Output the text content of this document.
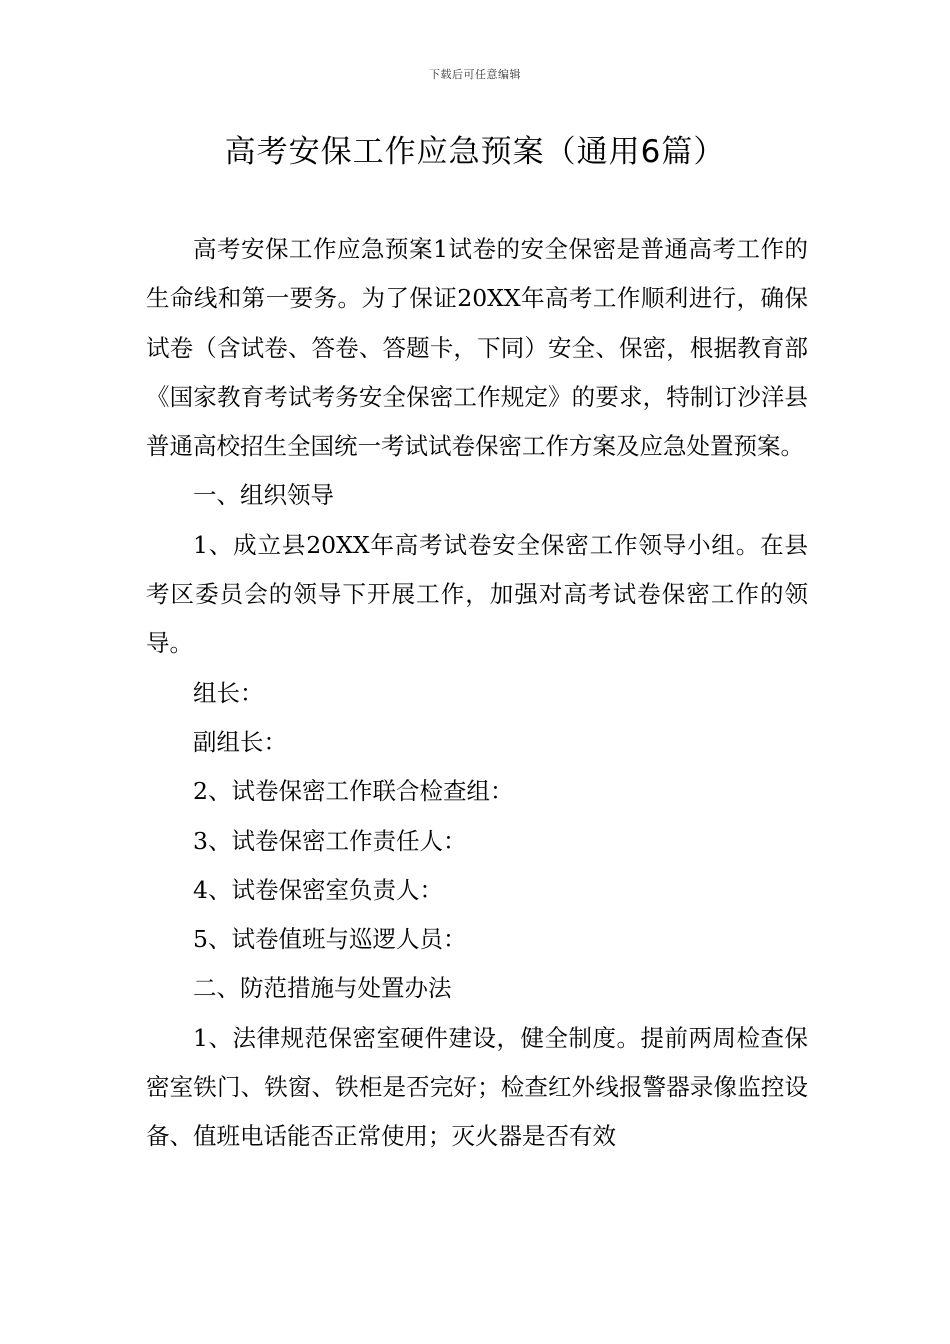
下载后可任意编辑
高考安保工作应急预案（通用6篇）

高考安保工作应急预案1试卷的安全保密是普通高考工作的生命线和第一要务。为了保证20XX年高考工作顺利进行，确保试卷（含试卷、答卷、答题卡，下同）安全、保密，根据教育部《国家教育考试考务安全保密工作规定》的要求，特制订沙洋县普通高校招生全国统一考试试卷保密工作方案及应急处置预案。

一、组织领导

1、成立县20XX年高考试卷安全保密工作领导小组。在县考区委员会的领导下开展工作，加强对高考试卷保密工作的领导。

组长：

副组长：

2、试卷保密工作联合检查组：

3、试卷保密工作责任人：

4、试卷保密室负责人：

5、试卷值班与巡逻人员：

二、防范措施与处置办法

1、法律规范保密室硬件建设，健全制度。提前两周检查保密室铁门、铁窗、铁柜是否完好；检查红外线报警器录像监控设备、值班电话能否正常使用；灭火器是否有效
